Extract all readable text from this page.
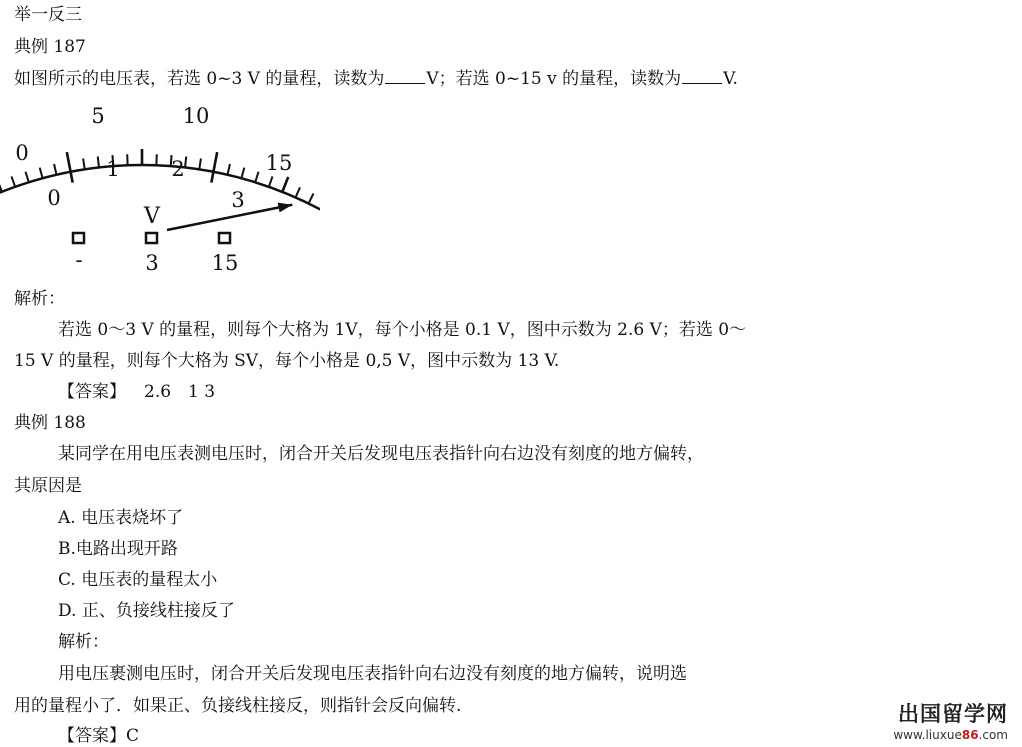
举一反三
典例 187
如图所示的电压表，若选 0~3 V 的量程，读数为 V；若选 0~15 v 的量程，读数为 V.
0
5	10
15
0
1 2
3
V
-	3	15
解析：
若选 0～3 V 的量程，则每个大格为 1V，每个小格是 0.1 V，图中示数为 2.6 V；若选 0～
15 V 的量程，则每个大格为 SV，每个小格是 0,5 V，图中示数为 13 V.
【答案】 2.6　1 3
典例 188
某同学在用电压表测电压时，闭合开关后发现电压表指针向右边没有刻度的地方偏转，
其原因是
A. 电压表烧坏了
B.电路出现开路
C. 电压表的量程太小
D. 正、负接线柱接反了
解析：
用电压裹测电压时，闭合开关后发现电压表指针向右边没有刻度的地方偏转，说明选
用的量程小了．如果正、负接线柱接反，则指针会反向偏转.
【答案】C
出国留学网
www.liuxue86.com
